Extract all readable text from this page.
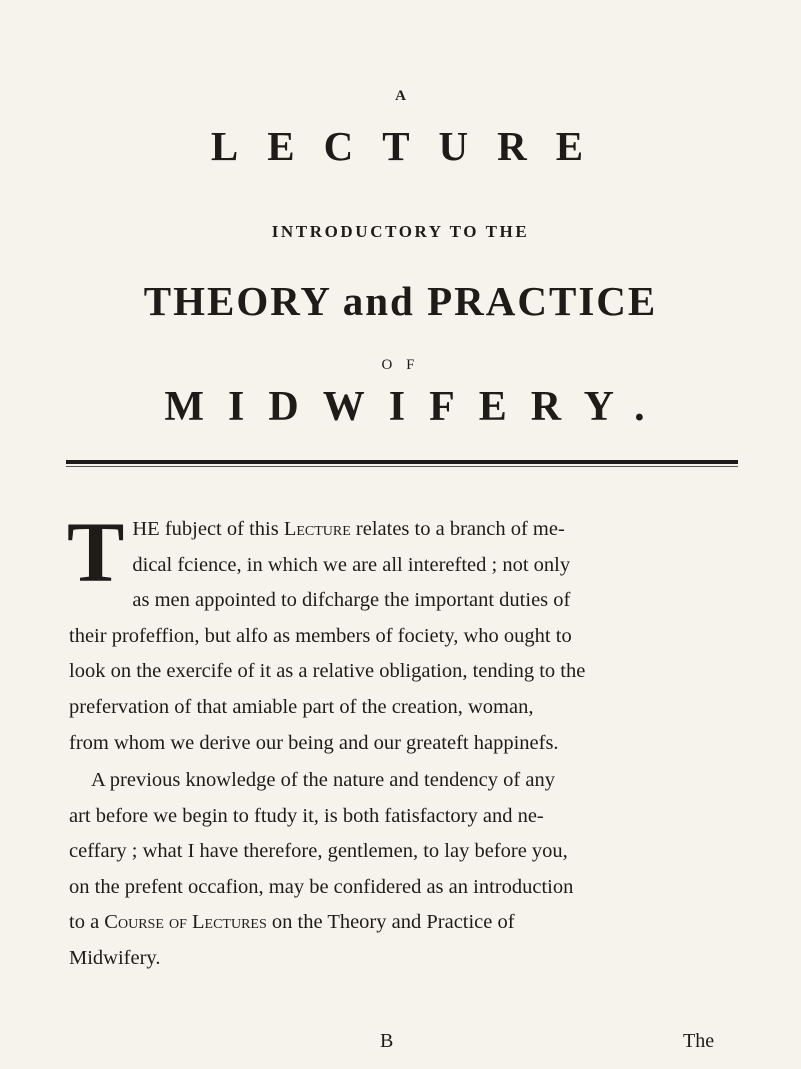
A
LECTURE
INTRODUCTORY TO THE
THEORY and PRACTICE
O F
MIDWIFERY.
T HE fubject of this Lecture relates to a branch of me-
dical fcience, in which we are all interefted ; not only
as men appointed to difcharge the important duties of
their profeffion, but alfo as members of fociety, who ought to
look on the exercife of it as a relative obligation, tending to the
prefervation of that amiable part of the creation, woman,
from whom we derive our being and our greateft happinefs.
A previous knowledge of the nature and tendency of any
art before we begin to ftudy it, is both fatisfactory and ne-
ceffary ; what I have therefore, gentlemen, to lay before you,
on the prefent occafion, may be confidered as an introduction
to a Course of Lectures on the Theory and Practice of
Midwifery.
B	The
